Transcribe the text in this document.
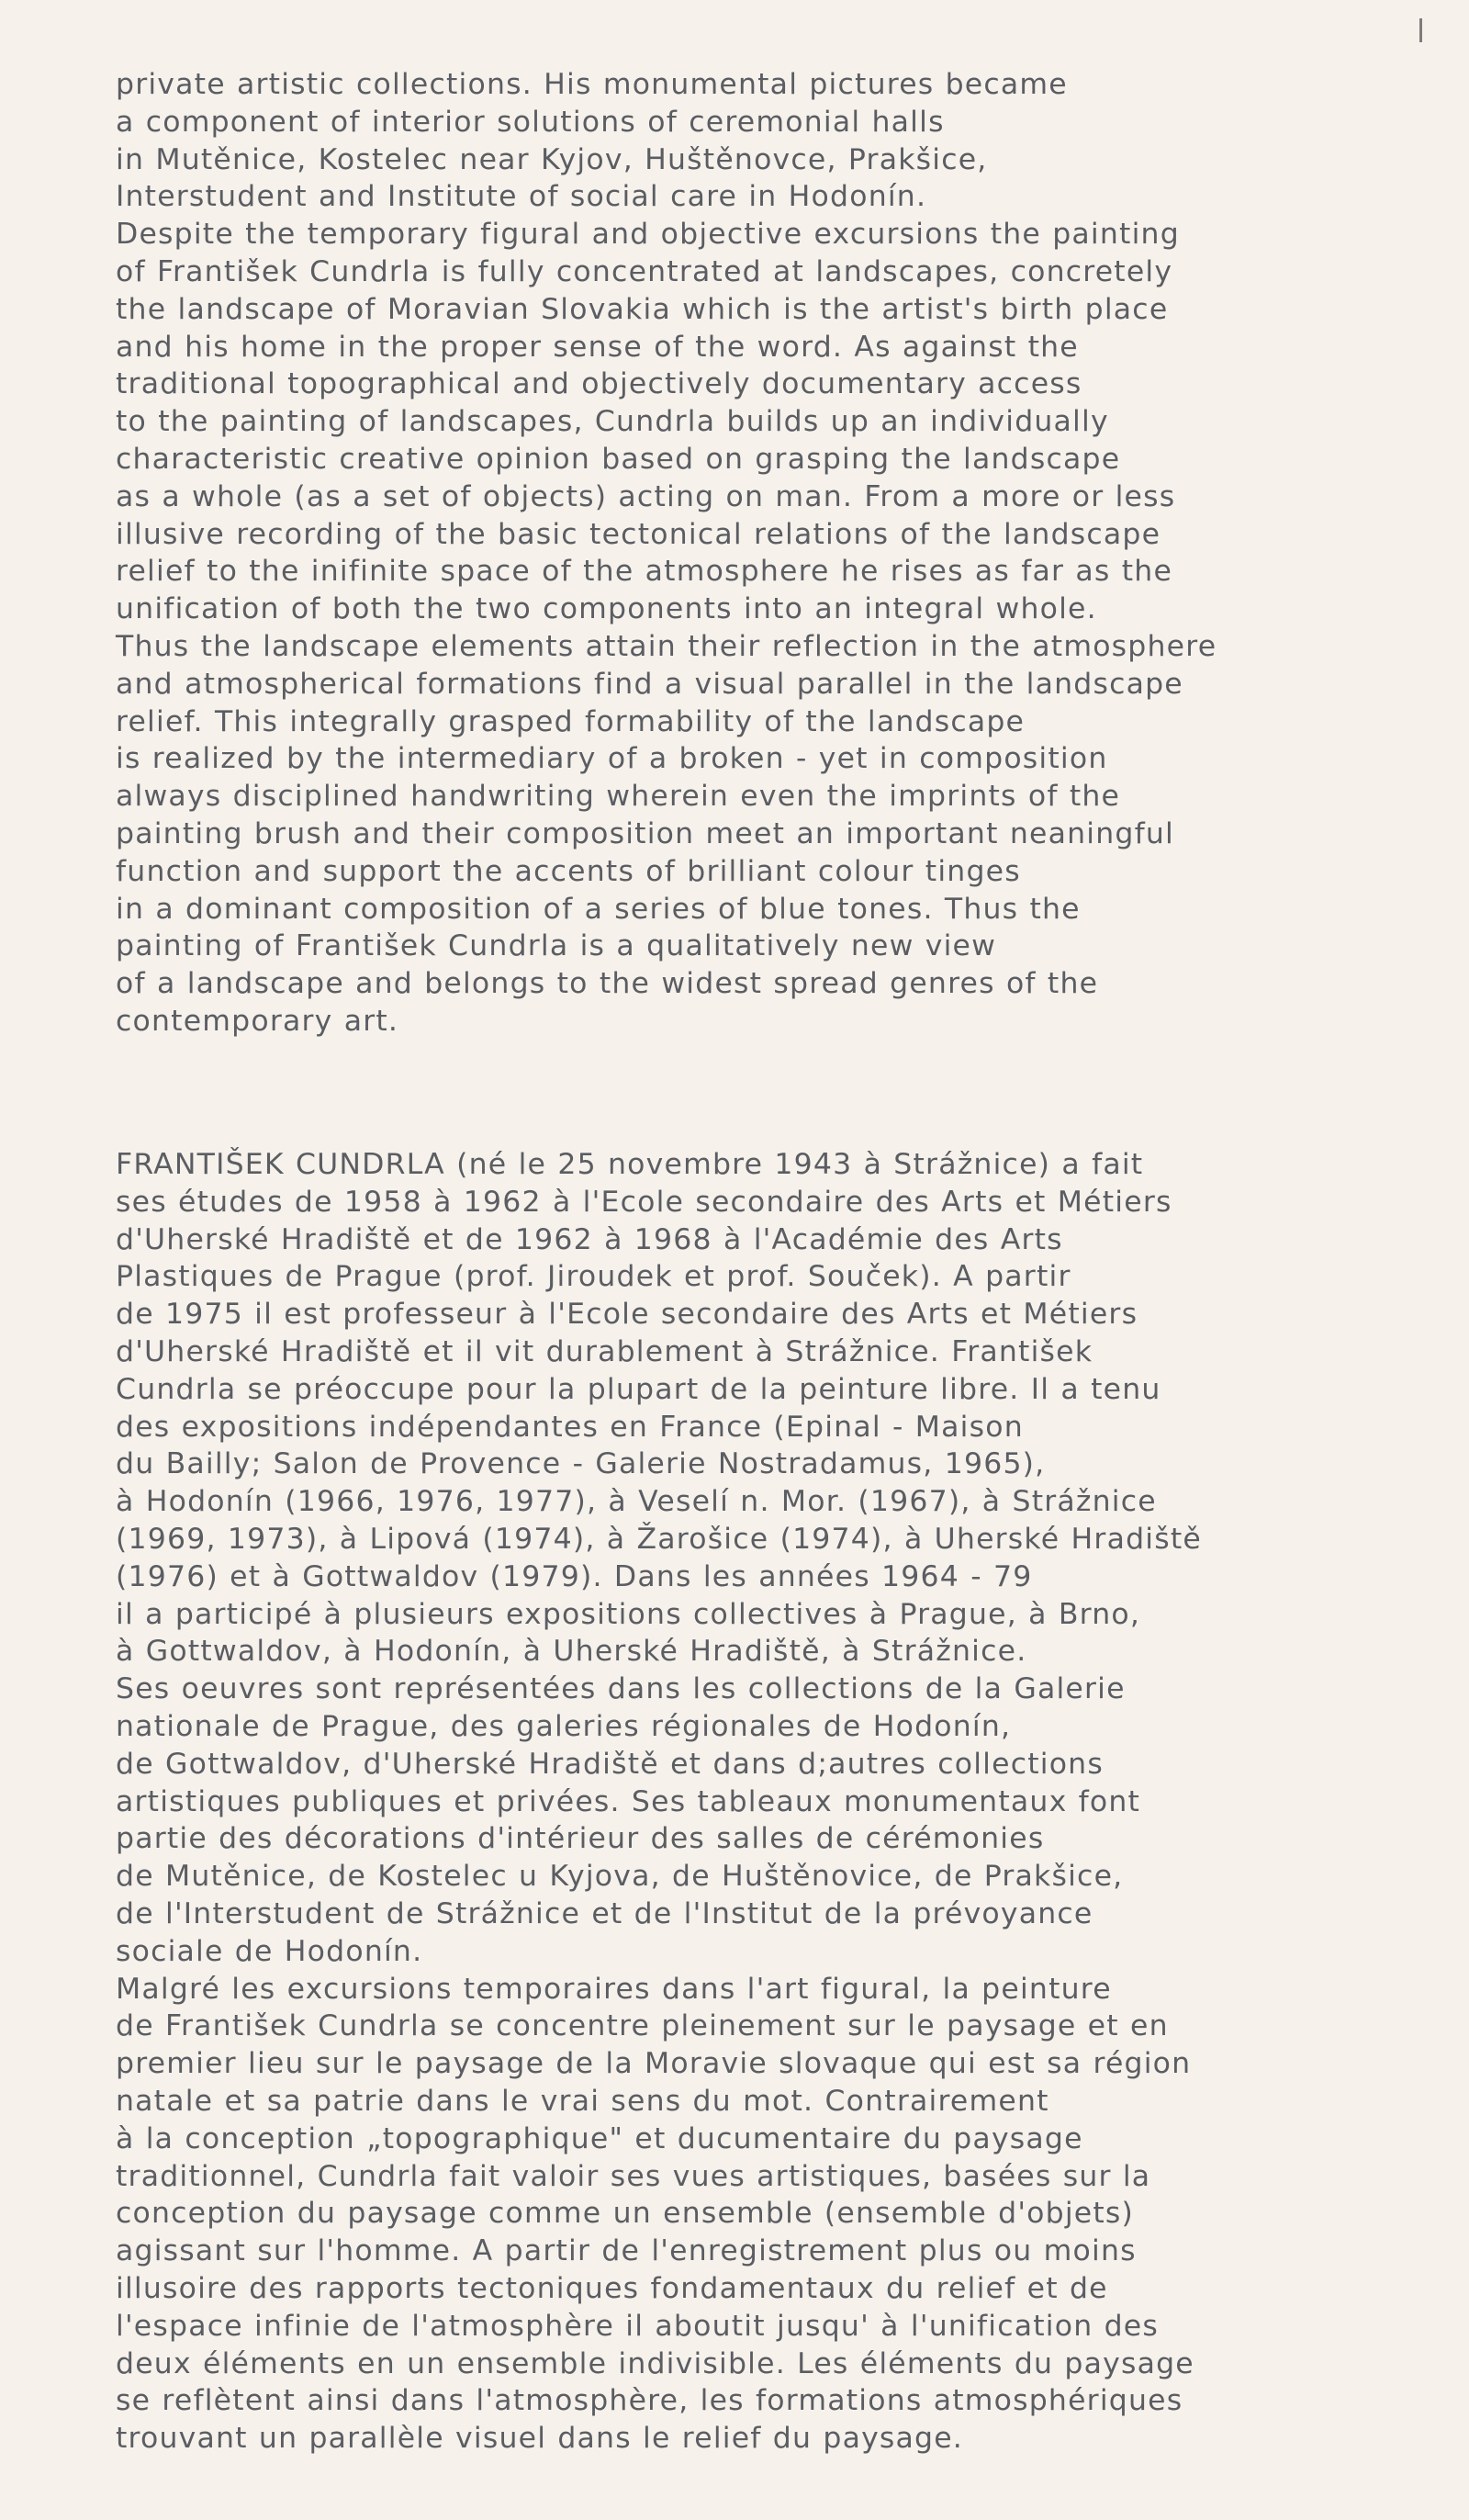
private artistic collections. His monumental pictures became
a component of interior solutions of ceremonial halls
in Mutěnice, Kostelec near Kyjov, Huštěnovce, Prakšice,
Interstudent and Institute of social care in Hodonín.
Despite the temporary figural and objective excursions the painting
of František Cundrla is fully concentrated at landscapes, concretely
the landscape of Moravian Slovakia which is the artist's birth place
and his home in the proper sense of the word. As against the
traditional topographical and objectively documentary access
to the painting of landscapes, Cundrla builds up an individually
characteristic creative opinion based on grasping the landscape
as a whole (as a set of objects) acting on man. From a more or less
illusive recording of the basic tectonical relations of the landscape
relief to the inifinite space of the atmosphere he rises as far as the
unification of both the two components into an integral whole.
Thus the landscape elements attain their reflection in the atmosphere
and atmospherical formations find a visual parallel in the landscape
relief. This integrally grasped formability of the landscape
is realized by the intermediary of a broken - yet in composition
always disciplined handwriting wherein even the imprints of the
painting brush and their composition meet an important neaningful
function and support the accents of brilliant colour tinges
in a dominant composition of a series of blue tones. Thus the
painting of František Cundrla is a qualitatively new view
of a landscape and belongs to the widest spread genres of the
contemporary art.
FRANTIŠEK CUNDRLA (né le 25 novembre 1943 à Strážnice) a fait
ses études de 1958 à 1962 à l'Ecole secondaire des Arts et Métiers
d'Uherské Hradiště et de 1962 à 1968 à l'Académie des Arts
Plastiques de Prague (prof. Jiroudek et prof. Souček). A partir
de 1975 il est professeur à l'Ecole secondaire des Arts et Métiers
d'Uherské Hradiště et il vit durablement à Strážnice. František
Cundrla se préoccupe pour la plupart de la peinture libre. Il a tenu
des expositions indépendantes en France (Epinal - Maison
du Bailly; Salon de Provence - Galerie Nostradamus, 1965),
à Hodonín (1966, 1976, 1977), à Veselí n. Mor. (1967), à Strážnice
(1969, 1973), à Lipová (1974), à Žarošice (1974), à Uherské Hradiště
(1976) et à Gottwaldov (1979). Dans les années 1964 - 79
il a participé à plusieurs expositions collectives à Prague, à Brno,
à Gottwaldov, à Hodonín, à Uherské Hradiště, à Strážnice.
Ses oeuvres sont représentées dans les collections de la Galerie
nationale de Prague, des galeries régionales de Hodonín,
de Gottwaldov, d'Uherské Hradiště et dans d;autres collections
artistiques publiques et privées. Ses tableaux monumentaux font
partie des décorations d'intérieur des salles de cérémonies
de Mutěnice, de Kostelec u Kyjova, de Huštěnovice, de Prakšice,
de l'Interstudent de Strážnice et de l'Institut de la prévoyance
sociale de Hodonín.
Malgré les excursions temporaires dans l'art figural, la peinture
de František Cundrla se concentre pleinement sur le paysage et en
premier lieu sur le paysage de la Moravie slovaque qui est sa région
natale et sa patrie dans le vrai sens du mot. Contrairement
à la conception „topographique" et ducumentaire du paysage
traditionnel, Cundrla fait valoir ses vues artistiques, basées sur la
conception du paysage comme un ensemble (ensemble d'objets)
agissant sur l'homme. A partir de l'enregistrement plus ou moins
illusoire des rapports tectoniques fondamentaux du relief et de
l'espace infinie de l'atmosphère il aboutit jusqu' à l'unification des
deux éléments en un ensemble indivisible. Les éléments du paysage
se reflètent ainsi dans l'atmosphère, les formations atmosphériques
trouvant un parallèle visuel dans le relief du paysage.
